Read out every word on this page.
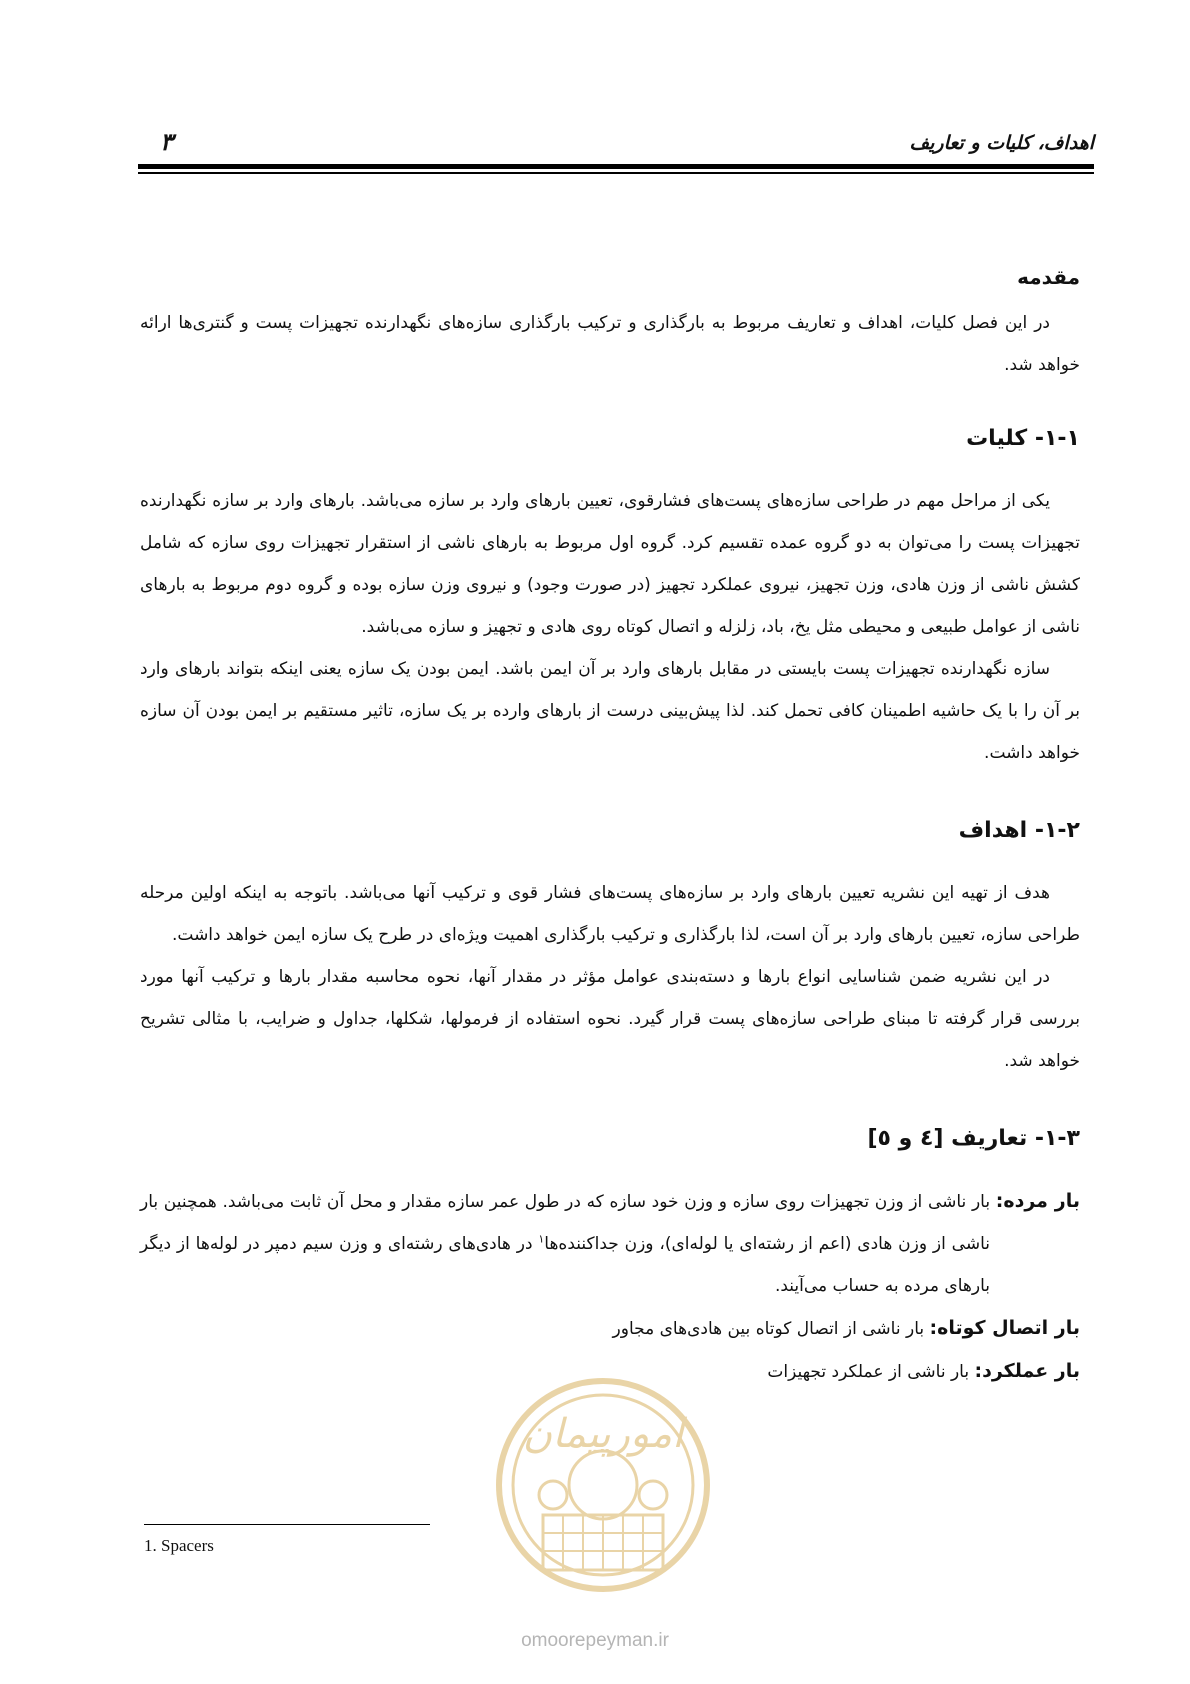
اهداف، کلیات و تعاریف
۳
مقدمه

در این فصل کلیات، اهداف و تعاریف مربوط به بارگذاری و ترکیب بارگذاری سازه‌های نگهدارنده تجهیزات پست و گنتری‌ها ارائه خواهد شد.

۱-۱- کلیات

یکی از مراحل مهم در طراحی سازه‌های پست‌های فشارقوی، تعیین بارهای وارد بر سازه می‌باشد. بارهای وارد بر سازه نگهدارنده تجهیزات پست را می‌توان به دو گروه عمده تقسیم کرد. گروه اول مربوط به بارهای ناشی از استقرار تجهیزات روی سازه که شامل کشش ناشی از وزن هادی، وزن تجهیز، نیروی عملکرد تجهیز (در صورت وجود) و نیروی وزن سازه بوده و گروه دوم مربوط به بارهای ناشی از عوامل طبیعی و محیطی مثل یخ، باد، زلزله و اتصال کوتاه روی هادی و تجهیز و سازه می‌باشد.

سازه نگهدارنده تجهیزات پست بایستی در مقابل بارهای وارد بر آن ایمن باشد. ایمن بودن یک سازه یعنی اینکه بتواند بارهای وارد بر آن را با یک حاشیه اطمینان کافی تحمل کند. لذا پیش‌بینی درست از بارهای وارده بر یک سازه، تاثیر مستقیم بر ایمن بودن آن سازه خواهد داشت.

۱-۲- اهداف

هدف از تهیه این نشریه تعیین بارهای وارد بر سازه‌های پست‌های فشار قوی و ترکیب آنها می‌باشد. باتوجه به اینکه اولین مرحله طراحی سازه، تعیین بارهای وارد بر آن است، لذا بارگذاری و ترکیب بارگذاری اهمیت ویژه‌ای در طرح یک سازه ایمن خواهد داشت.

در این نشریه ضمن شناسایی انواع بارها و دسته‌بندی عوامل مؤثر در مقدار آنها، نحوه محاسبه مقدار بارها و ترکیب آنها مورد بررسی قرار گرفته تا مبنای طراحی سازه‌های پست قرار گیرد. نحوه استفاده از فرمولها، شکلها، جداول و ضرایب، با مثالی تشریح خواهد شد.

۱-۳- تعاریف [٤ و ٥]
بار مرده: بار ناشی از وزن تجهیزات روی سازه و وزن خود سازه که در طول عمر سازه مقدار و محل آن ثابت می‌باشد. همچنین بار ناشی از وزن هادی (اعم از رشته‌ای یا لوله‌ای)، وزن جداکننده‌ها$^۱$ در هادی‌های رشته‌ای و وزن سیم دمپر در لوله‌ها از دیگر بارهای مرده به حساب می‌آیند.
بار اتصال کوتاه: بار ناشی از اتصال کوتاه بین هادی‌های مجاور
بار عملکرد: بار ناشی از عملکرد تجهیزات
امورپیمان
omoorepeyman.ir
1. Spacers
